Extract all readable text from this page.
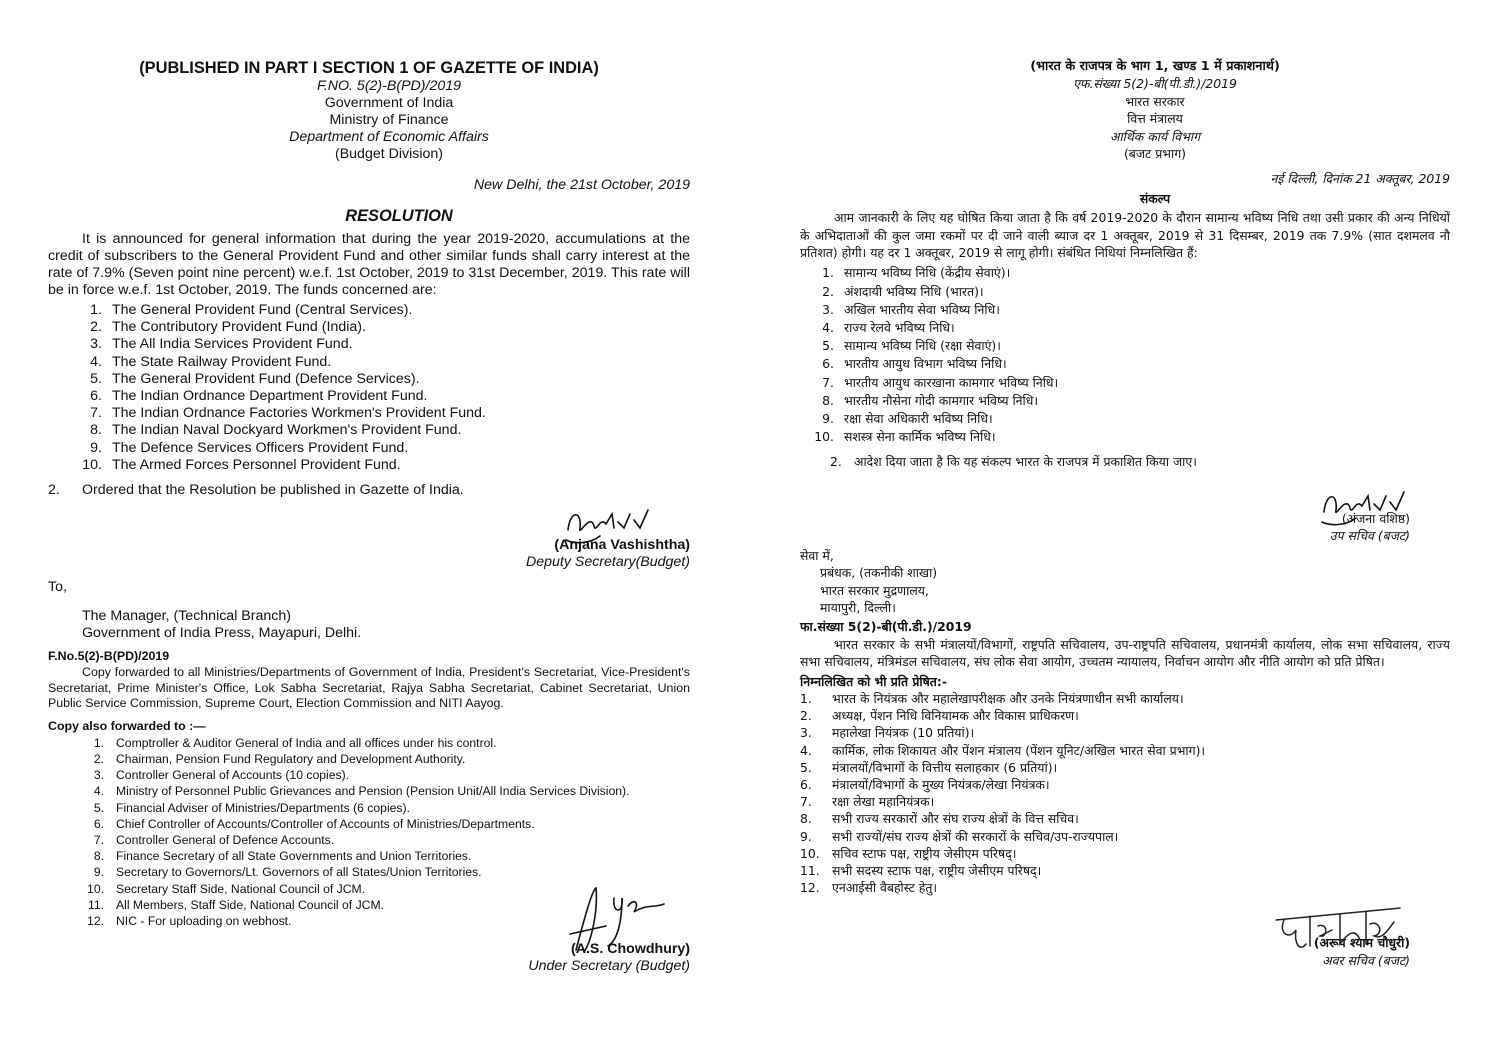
(PUBLISHED IN PART I SECTION 1 OF GAZETTE OF INDIA)

F.NO. 5(2)-B(PD)/2019

Government of India

Ministry of Finance

Department of Economic Affairs

(Budget Division)

New Delhi, the 21st October, 2019

RESOLUTION

It is announced for general information that during the year 2019-2020, accumulations at the credit of subscribers to the General Provident Fund and other similar funds shall carry interest at the rate of 7.9% (Seven point nine percent) w.e.f. 1st October, 2019 to 31st December, 2019. This rate will be in force w.e.f. 1st October, 2019. The funds concerned are:

1. The General Provident Fund (Central Services).
2. The Contributory Provident Fund (India).
3. The All India Services Provident Fund.
4. The State Railway Provident Fund.
5. The General Provident Fund (Defence Services).
6. The Indian Ordnance Department Provident Fund.
7. The Indian Ordnance Factories Workmen's Provident Fund.
8. The Indian Naval Dockyard Workmen's Provident Fund.
9. The Defence Services Officers Provident Fund.
10. The Armed Forces Personnel Provident Fund.
2.	Ordered that the Resolution be published in Gazette of India.

(Anjana Vashishtha)

Deputy Secretary(Budget)

To,

The Manager, (Technical Branch)

Government of India Press, Mayapuri, Delhi.

F.No.5(2)-B(PD)/2019

Copy forwarded to all Ministries/Departments of Government of India, President's Secretariat, Vice-President's Secretariat, Prime Minister's Office, Lok Sabha Secretariat, Rajya Sabha Secretariat, Cabinet Secretariat, Union Public Service Commission, Supreme Court, Election Commission and NITI Aayog.

Copy also forwarded to :—

1. Comptroller & Auditor General of India and all offices under his control.
2. Chairman, Pension Fund Regulatory and Development Authority.
3. Controller General of Accounts (10 copies).
4. Ministry of Personnel Public Grievances and Pension (Pension Unit/All India Services Division).
5. Financial Adviser of Ministries/Departments (6 copies).
6. Chief Controller of Accounts/Controller of Accounts of Ministries/Departments.
7. Controller General of Defence Accounts.
8. Finance Secretary of all State Governments and Union Territories.
9. Secretary to Governors/Lt. Governors of all States/Union Territories.
10. Secretary Staff Side, National Council of JCM.
11. All Members, Staff Side, National Council of JCM.
12. NIC - For uploading on webhost.

(A.S. Chowdhury)

Under Secretary (Budget)

(भारत के राजपत्र के भाग 1, खण्ड 1 में प्रकाशनार्थ)

एफ.संख्या 5(2)-बी(पी.डी.)/2019

भारत सरकार

वित्त मंत्रालय

आर्थिक कार्य विभाग

(बजट प्रभाग)

नई दिल्ली, दिनांक 21 अक्तूबर, 2019

संकल्प

आम जानकारी के लिए यह घोषित किया जाता है कि वर्ष 2019-2020 के दौरान सामान्य भविष्य निधि तथा उसी प्रकार की अन्य निधियों के अभिदाताओं की कुल जमा रकमों पर दी जाने वाली ब्याज दर 1 अक्तूबर, 2019 से 31 दिसम्बर, 2019 तक 7.9% (सात दशमलव नौ प्रतिशत) होगी। यह दर 1 अक्तूबर, 2019 से लागू होगी। संबंधित निधियां निम्नलिखित हैं:

1. सामान्य भविष्य निधि (केंद्रीय सेवाएं)।
2. अंशदायी भविष्य निधि (भारत)।
3. अखिल भारतीय सेवा भविष्य निधि।
4. राज्य रेलवे भविष्य निधि।
5. सामान्य भविष्य निधि (रक्षा सेवाएं)।
6. भारतीय आयुध विभाग भविष्य निधि।
7. भारतीय आयुध कारखाना कामगार भविष्य निधि।
8. भारतीय नौसेना गोदी कामगार भविष्य निधि।
9. रक्षा सेवा अधिकारी भविष्य निधि।
10. सशस्त्र सेना कार्मिक भविष्य निधि।
2. आदेश दिया जाता है कि यह संकल्प भारत के राजपत्र में प्रकाशित किया जाए।

(अंजना वशिष्ठ)

उप सचिव (बजट)

सेवा में,

प्रबंधक, (तकनीकी शाखा)

भारत सरकार मुद्रणालय,

मायापुरी, दिल्ली।

फा.संख्या 5(2)-बी(पी.डी.)/2019

भारत सरकार के सभी मंत्रालयों/विभागों, राष्ट्रपति सचिवालय, उप-राष्ट्रपति सचिवालय, प्रधानमंत्री कार्यालय, लोक सभा सचिवालय, राज्य सभा सचिवालय, मंत्रिमंडल सचिवालय, संघ लोक सेवा आयोग, उच्चतम न्यायालय, निर्वाचन आयोग और नीति आयोग को प्रति प्रेषित।

निम्नलिखित को भी प्रति प्रेषित:-

1.	भारत के नियंत्रक और महालेखापरीक्षक और उनके नियंत्रणाधीन सभी कार्यालय।
2.	अध्यक्ष, पेंशन निधि विनियामक और विकास प्राधिकरण।
3.	महालेखा नियंत्रक (10 प्रतियां)।
4.	कार्मिक, लोक शिकायत और पेंशन मंत्रालय (पेंशन यूनिट/अखिल भारत सेवा प्रभाग)।
5.	मंत्रालयों/विभागों के वित्तीय सलाहकार (6 प्रतियां)।
6.	मंत्रालयों/विभागों के मुख्य नियंत्रक/लेखा नियंत्रक।
7.	रक्षा लेखा महानियंत्रक।
8.	सभी राज्य सरकारों और संघ राज्य क्षेत्रों के वित्त सचिव।
9.	सभी राज्यों/संघ राज्य क्षेत्रों की सरकारों के सचिव/उप-राज्यपाल।
10. सचिव स्टाफ पक्ष, राष्ट्रीय जेसीएम परिषद्।
11. सभी सदस्य स्टाफ पक्ष, राष्ट्रीय जेसीएम परिषद्।
12. एनआईसी वैबहोस्ट हेतु।

(अरूप श्याम चौधुरी)

अवर सचिव (बजट)
